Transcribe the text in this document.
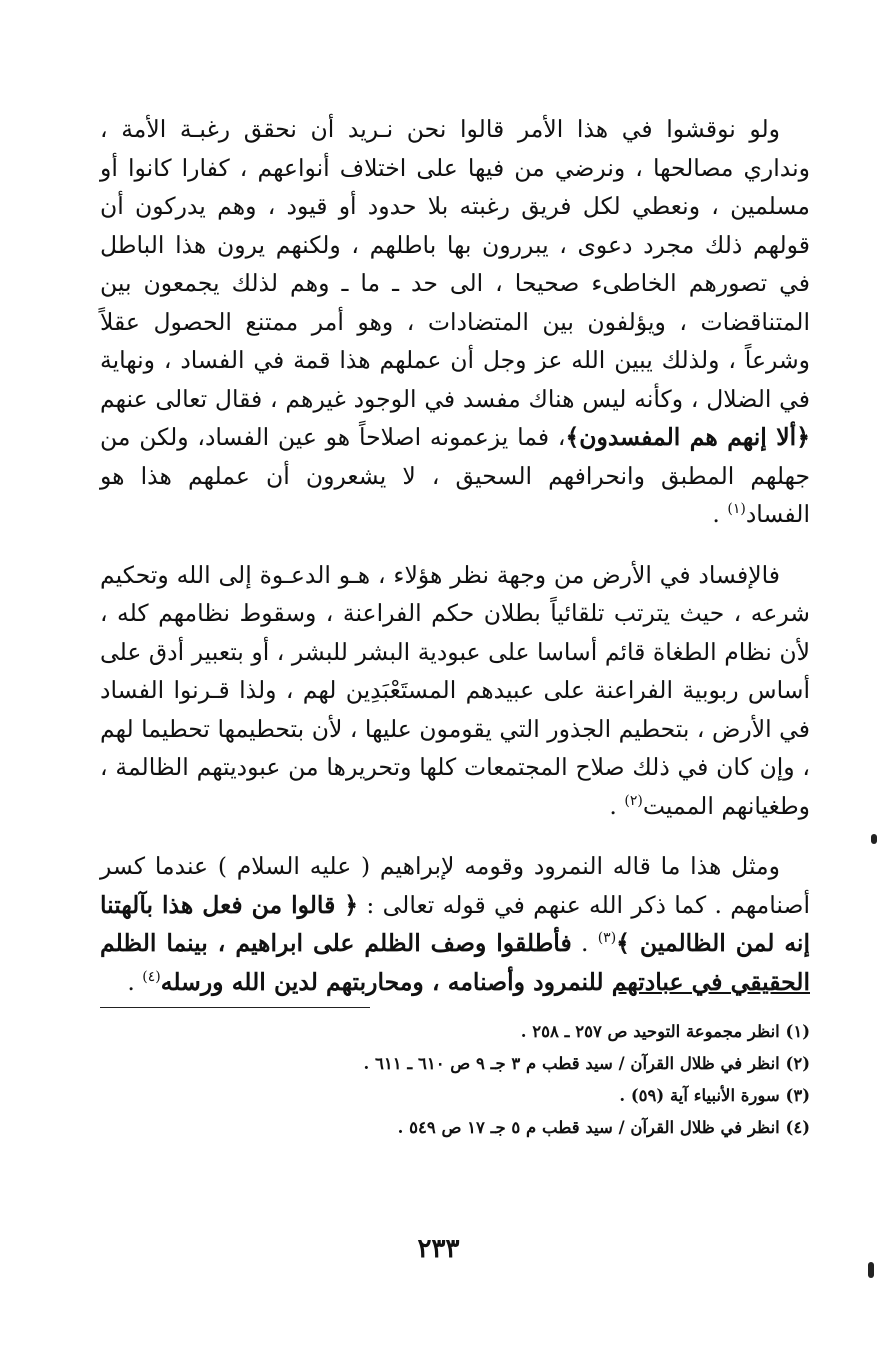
ولو نوقشوا في هذا الأمر قالوا نحن نـريد أن نحقق رغبـة الأمة ، ونداري مصالحها ، ونرضي من فيها على اختلاف أنواعهم ، كفارا كانوا أو مسلمين ، ونعطي لكل فريق رغبته بلا حدود أو قيود ، وهم يدركون أن قولهم ذلك مجرد دعوى ، يبررون بها باطلهم ، ولكنهم يرون هذا الباطل في تصورهم الخاطىء صحيحا ، الى حد ـ ما ـ وهم لذلك يجمعون بين المتناقضات ، ويؤلفون بين المتضادات ، وهو أمر ممتنع الحصول عقلاً وشرعاً ، ولذلك يبين الله عز وجل أن عملهم هذا قمة في الفساد ، ونهاية في الضلال ، وكأنه ليس هناك مفسد في الوجود غيرهم ، فقال تعالى عنهم ﴿ألا إنهم هم المفسدون﴾، فما يزعمونه اصلاحاً هو عين الفساد، ولكن من جهلهم المطبق وانحرافهم السحيق ، لا يشعرون أن عملهم هذا هو الفساد$^{(١)}$ .

فالإفساد في الأرض من وجهة نظر هؤلاء ، هـو الدعـوة إلى الله وتحكيم شرعه ، حيث يترتب تلقائياً بطلان حكم الفراعنة ، وسقوط نظامهم كله ، لأن نظام الطغاة قائم أساسا على عبودية البشر للبشر ، أو بتعبير أدق على أساس ربوبية الفراعنة على عبيدهم المستَعْبَدِين لهم ، ولذا قـرنوا الفساد في الأرض ، بتحطيم الجذور التي يقومون عليها ، لأن بتحطيمها تحطيما لهم ، وإن كان في ذلك صلاح المجتمعات كلها وتحريرها من عبوديتهم الظالمة ، وطغيانهم المميت$^{(٢)}$ .

ومثل هذا ما قاله النمرود وقومه لإبراهيم ( عليه السلام ) عندما كسر أصنامهم . كما ذكر الله عنهم في قوله تعالى : ﴿ قالوا من فعل هذا بآلهتنا إنه لمن الظالمين ﴾$^{(٣)}$ . فأطلقوا وصف الظلم على ابراهيم ، بينما الظلم الحقيقي في عبادتهم للنمرود وأصنامه ، ومحاربتهم لدين الله ورسله$^{(٤)}$ .

(١) انظر مجموعة التوحيد ص ٢٥٧ ـ ٢٥٨ .
(٢) انظر في ظلال القرآن / سيد قطب م ٣ جـ ٩ ص ٦١٠ ـ ٦١١ .
(٣) سورة الأنبياء آية (٥٩) .
(٤) انظر في ظلال القرآن / سيد قطب م ٥ جـ ١٧ ص ٥٤٩ .
٢٣٣
